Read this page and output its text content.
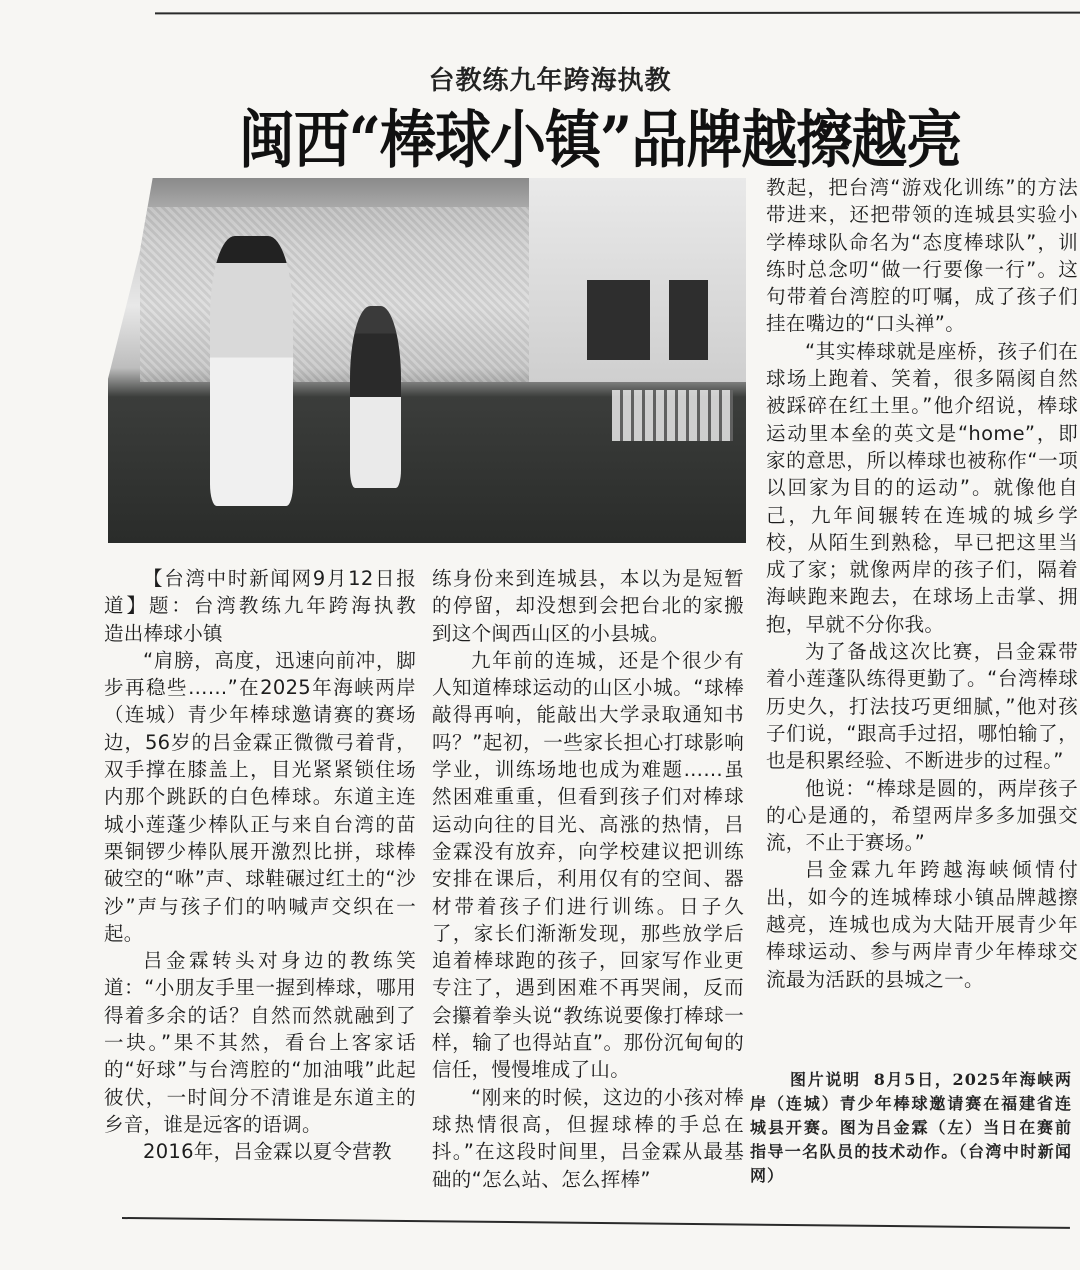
台教练九年跨海执教
闽西“棒球小镇”品牌越擦越亮

【台湾中时新闻网9月12日报道】题：台湾教练九年跨海执教　造出棒球小镇

“肩膀，高度，迅速向前冲，脚步再稳些……”在2025年海峡两岸（连城）青少年棒球邀请赛的赛场边，56岁的吕金霖正微微弓着背，双手撑在膝盖上，目光紧紧锁住场内那个跳跃的白色棒球。东道主连城小莲蓬少棒队正与来自台湾的苗栗铜锣少棒队展开激烈比拼，球棒破空的“咻”声、球鞋碾过红土的“沙沙”声与孩子们的呐喊声交织在一起。

吕金霖转头对身边的教练笑道：“小朋友手里一握到棒球，哪用得着多余的话？自然而然就融到了一块。”果不其然，看台上客家话的“好球”与台湾腔的“加油哦”此起彼伏，一时间分不清谁是东道主的乡音，谁是远客的语调。

2016年，吕金霖以夏令营教

练身份来到连城县，本以为是短暂的停留，却没想到会把台北的家搬到这个闽西山区的小县城。

九年前的连城，还是个很少有人知道棒球运动的山区小城。“球棒敲得再响，能敲出大学录取通知书吗？”起初，一些家长担心打球影响学业，训练场地也成为难题……虽然困难重重，但看到孩子们对棒球运动向往的目光、高涨的热情，吕金霖没有放弃，向学校建议把训练安排在课后，利用仅有的空间、器材带着孩子们进行训练。日子久了，家长们渐渐发现，那些放学后追着棒球跑的孩子，回家写作业更专注了，遇到困难不再哭闹，反而会攥着拳头说“教练说要像打棒球一样，输了也得站直”。那份沉甸甸的信任，慢慢堆成了山。

“刚来的时候，这边的小孩对棒球热情很高，但握球棒的手总在抖。”在这段时间里，吕金霖从最基础的“怎么站、怎么挥棒”

教起，把台湾“游戏化训练”的方法带进来，还把带领的连城县实验小学棒球队命名为“态度棒球队”，训练时总念叨“做一行要像一行”。这句带着台湾腔的叮嘱，成了孩子们挂在嘴边的“口头禅”。

“其实棒球就是座桥，孩子们在球场上跑着、笑着，很多隔阂自然被踩碎在红土里。”他介绍说，棒球运动里本垒的英文是“home”，即家的意思，所以棒球也被称作“一项以回家为目的的运动”。就像他自己，九年间辗转在连城的城乡学校，从陌生到熟稔，早已把这里当成了家；就像两岸的孩子们，隔着海峡跑来跑去，在球场上击掌、拥抱，早就不分你我。

为了备战这次比赛，吕金霖带着小莲蓬队练得更勤了。“台湾棒球历史久，打法技巧更细腻，”他对孩子们说，“跟高手过招，哪怕输了，也是积累经验、不断进步的过程。”

他说：“棒球是圆的，两岸孩子的心是通的，希望两岸多多加强交流，不止于赛场。”

吕金霖九年跨越海峡倾情付出，如今的连城棒球小镇品牌越擦越亮，连城也成为大陆开展青少年棒球运动、参与两岸青少年棒球交流最为活跃的县城之一。

图片说明 8月5日，2025年海峡两岸（连城）青少年棒球邀请赛在福建省连城县开赛。图为吕金霖（左）当日在赛前指导一名队员的技术动作。（台湾中时新闻网）
